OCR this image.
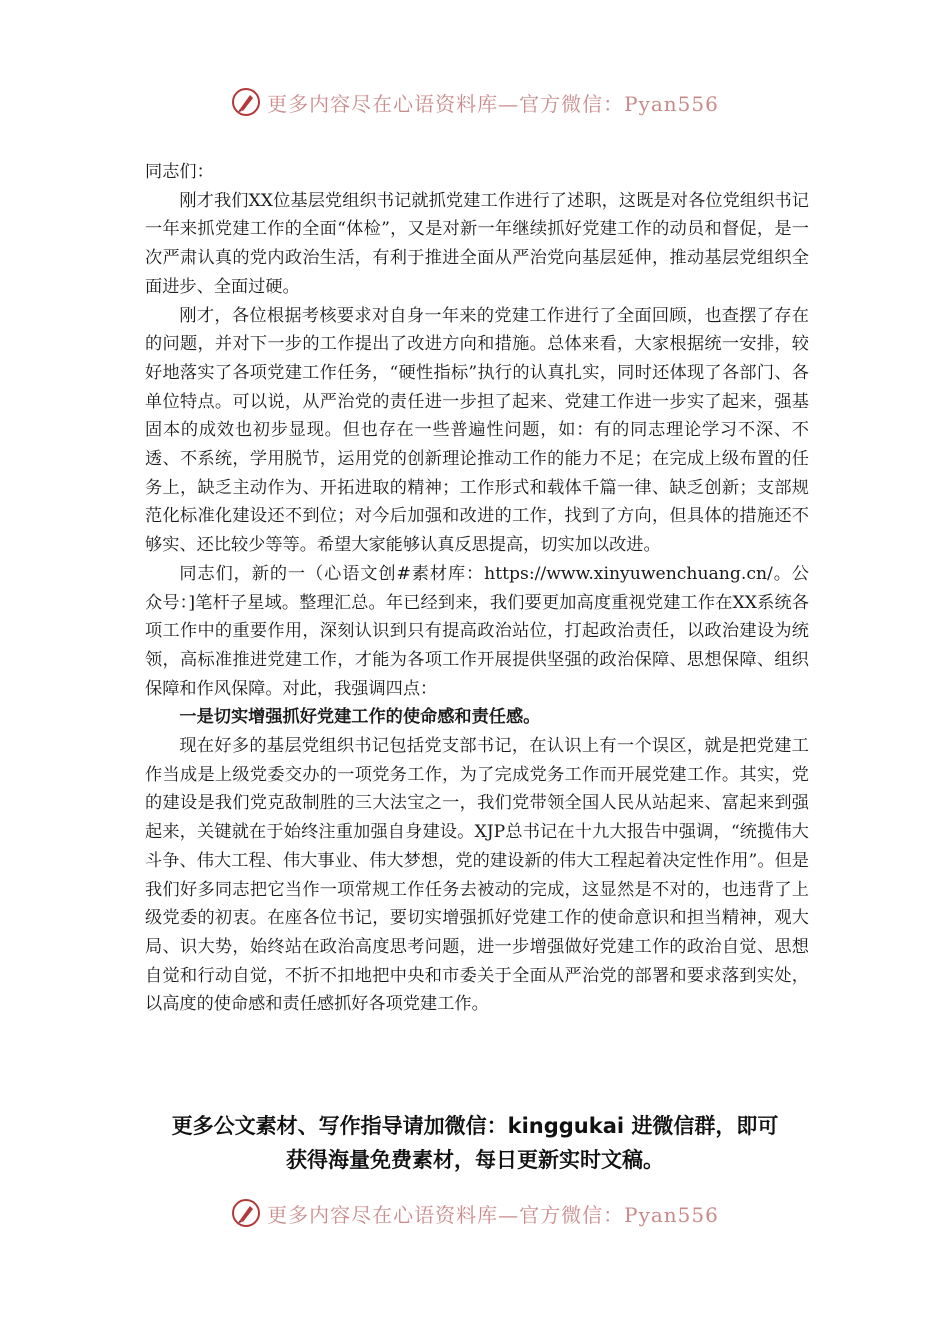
更多内容尽在心语资料库—官方微信：Pyan556

同志们：

刚才我们XX位基层党组织书记就抓党建工作进行了述职，这既是对各位党组织书记一年来抓党建工作的全面“体检”，又是对新一年继续抓好党建工作的动员和督促，是一次严肃认真的党内政治生活，有利于推进全面从严治党向基层延伸，推动基层党组织全面进步、全面过硬。

刚才，各位根据考核要求对自身一年来的党建工作进行了全面回顾，也查摆了存在的问题，并对下一步的工作提出了改进方向和措施。总体来看，大家根据统一安排，较好地落实了各项党建工作任务，“硬性指标”执行的认真扎实，同时还体现了各部门、各单位特点。可以说，从严治党的责任进一步担了起来、党建工作进一步实了起来，强基固本的成效也初步显现。但也存在一些普遍性问题，如：有的同志理论学习不深、不透、不系统，学用脱节，运用党的创新理论推动工作的能力不足；在完成上级布置的任务上，缺乏主动作为、开拓进取的精神；工作形式和载体千篇一律、缺乏创新；支部规范化标准化建设还不到位；对今后加强和改进的工作，找到了方向，但具体的措施还不够实、还比较少等等。希望大家能够认真反思提高，切实加以改进。

同志们，新的一（心语文创#素材库：https://www.xinyuwenchuang.cn/。公众号：]笔杆子星域。整理汇总。年已经到来，我们要更加高度重视党建工作在XX系统各项工作中的重要作用，深刻认识到只有提高政治站位，打起政治责任，以政治建设为统领，高标准推进党建工作，才能为各项工作开展提供坚强的政治保障、思想保障、组织保障和作风保障。对此，我强调四点：

一是切实增强抓好党建工作的使命感和责任感。

现在好多的基层党组织书记包括党支部书记，在认识上有一个误区，就是把党建工作当成是上级党委交办的一项党务工作，为了完成党务工作而开展党建工作。其实，党的建设是我们党克敌制胜的三大法宝之一，我们党带领全国人民从站起来、富起来到强起来，关键就在于始终注重加强自身建设。XJP总书记在十九大报告中强调，“统揽伟大斗争、伟大工程、伟大事业、伟大梦想，党的建设新的伟大工程起着决定性作用”。但是我们好多同志把它当作一项常规工作任务去被动的完成，这显然是不对的，也违背了上级党委的初衷。在座各位书记，要切实增强抓好党建工作的使命意识和担当精神，观大局、识大势，始终站在政治高度思考问题，进一步增强做好党建工作的政治自觉、思想自觉和行动自觉，不折不扣地把中央和市委关于全面从严治党的部署和要求落到实处，以高度的使命感和责任感抓好各项党建工作。

更多公文素材、写作指导请加微信：kinggukai 进微信群，即可
获得海量免费素材，每日更新实时文稿。
更多内容尽在心语资料库—官方微信：Pyan556
